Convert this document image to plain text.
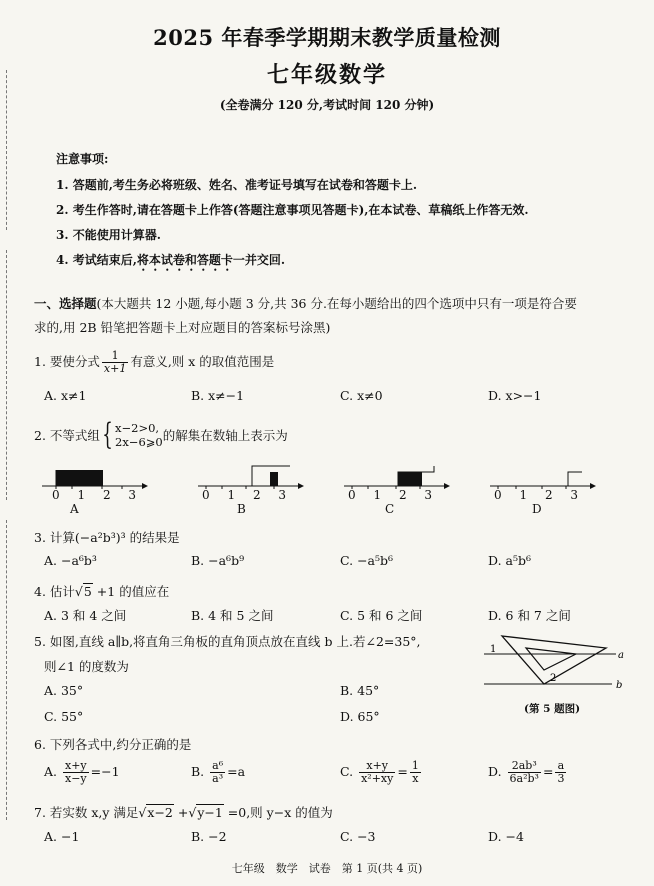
2025 年春季学期期末教学质量检测
七年级数学
(全卷满分 120 分,考试时间 120 分钟)
注意事项:
1. 答题前,考生务必将班级、姓名、准考证号填写在试卷和答题卡上.
2. 考生作答时,请在答题卡上作答(答题注意事项见答题卡),在本试卷、草稿纸上作答无效.
3. 不能使用计算器.
4. 考试结束后,将本试卷和答题卡一并交回.
一、选择题(本大题共 12 小题,每小题 3 分,共 36 分.在每小题给出的四个选项中只有一项是符合要
求的,用 2B 铅笔把答题卡上对应题目的答案标号涂黑)
1. 要使分式 $\frac{1}{x+1}$ 有意义,则 x 的取值范围是
A. x≠1	B. x≠−1	C. x≠0	D. x>−1
2. 不等式组{ x−2>0,
2x−6⩾0的解集在数轴上表示为
0 1 2 3	0 1 2 3	0 1 2 3	0 1 2 3
A	B	C	D
3. 计算(−a²b³)³ 的结果是
A. −a⁶b³	B. −a⁶b⁹	C. −a⁵b⁶	D. a⁵b⁶
4. 估计√5 +1 的值应在
A. 3 和 4 之间	B. 4 和 5 之间	C. 5 和 6 之间	D. 6 和 7 之间
5. 如图,直线 a∥b,将直角三角板的直角顶点放在直线 b 上.若∠2=35°,
则∠1 的度数为
A. 35°	B. 45°
C. 55°	D. 65°
1
2
a
b
(第 5 题图)
6. 下列各式中,约分正确的是
A. $\frac{x+y}{x-y} =-1$	B. $\frac{\text{a⁶}}{\text{a³}} =a$	C. $\frac{x+y}{\text{x²+xy}} = \frac{1}{x}$	D. $\frac{\text{2ab³}}{\text{6a²b³}} = \frac{a}{3}$
7. 若实数 x,y 满足√x−2 +√y−1 =0,则 y−x 的值为
A. −1	B. −2	C. −3	D. −4
七年级　数学　试卷　第 1 页(共 4 页)
